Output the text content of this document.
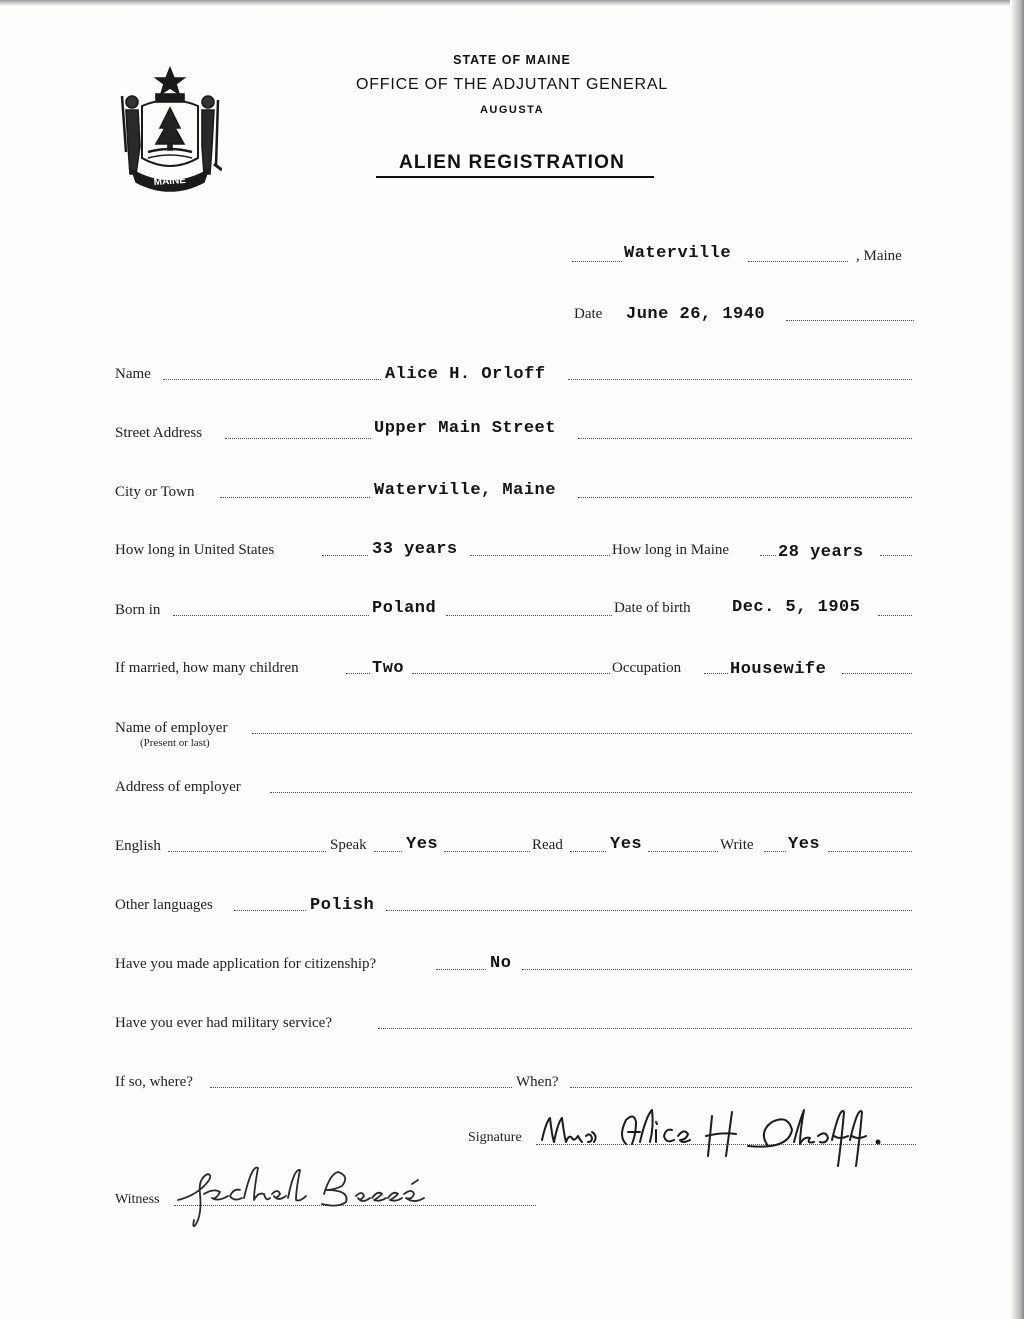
MAINE
STATE OF MAINE
OFFICE OF THE ADJUTANT GENERAL
AUGUSTA
ALIEN REGISTRATION
Waterville	, Maine
Date June 26, 1940
Name	Alice H. Orloff
Street Address	Upper Main Street
City or Town	Waterville, Maine
How long in United States	33 years	How long in Maine	28 years
Born in	Poland	Date of birth Dec. 5, 1905
If married, how many children	Two	Occupation	Housewife
Name of employer
(Present or last)
Address of employer
English	Speak Yes	Read	Yes	Write Yes
Other languages	Polish
Have you made application for citizenship?	No
Have you ever had military service?
If so, where?	When?
Signature
Mrs Alice H Orloff
Witness
Rachel Bassé
